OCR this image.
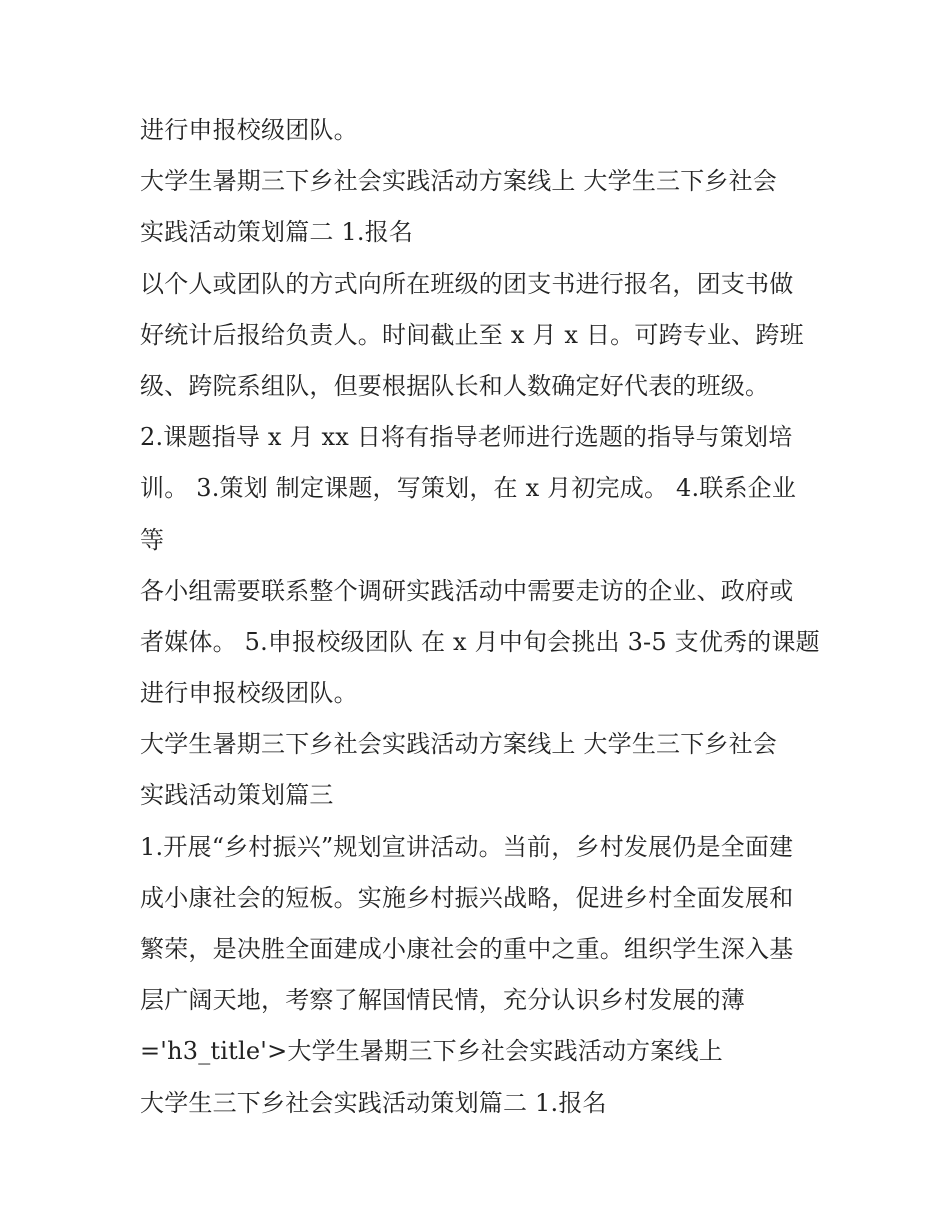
进行申报校级团队。
大学生暑期三下乡社会实践活动方案线上 大学生三下乡社会
实践活动策划篇二 1.报名
以个人或团队的方式向所在班级的团支书进行报名，团支书做
好统计后报给负责人。时间截止至 x 月 x 日。可跨专业、跨班
级、跨院系组队，但要根据队长和人数确定好代表的班级。
2.课题指导 x 月 xx 日将有指导老师进行选题的指导与策划培
训。 3.策划 制定课题，写策划，在 x 月初完成。 4.联系企业
等
各小组需要联系整个调研实践活动中需要走访的企业、政府或
者媒体。 5.申报校级团队 在 x 月中旬会挑出 3-5 支优秀的课题
进行申报校级团队。
大学生暑期三下乡社会实践活动方案线上 大学生三下乡社会
实践活动策划篇三
1.开展“乡村振兴”规划宣讲活动。当前，乡村发展仍是全面建
成小康社会的短板。实施乡村振兴战略，促进乡村全面发展和
繁荣，是决胜全面建成小康社会的重中之重。组织学生深入基
层广阔天地，考察了解国情民情，充分认识乡村发展的薄
='h3_title'>大学生暑期三下乡社会实践活动方案线上
大学生三下乡社会实践活动策划篇二 1.报名
